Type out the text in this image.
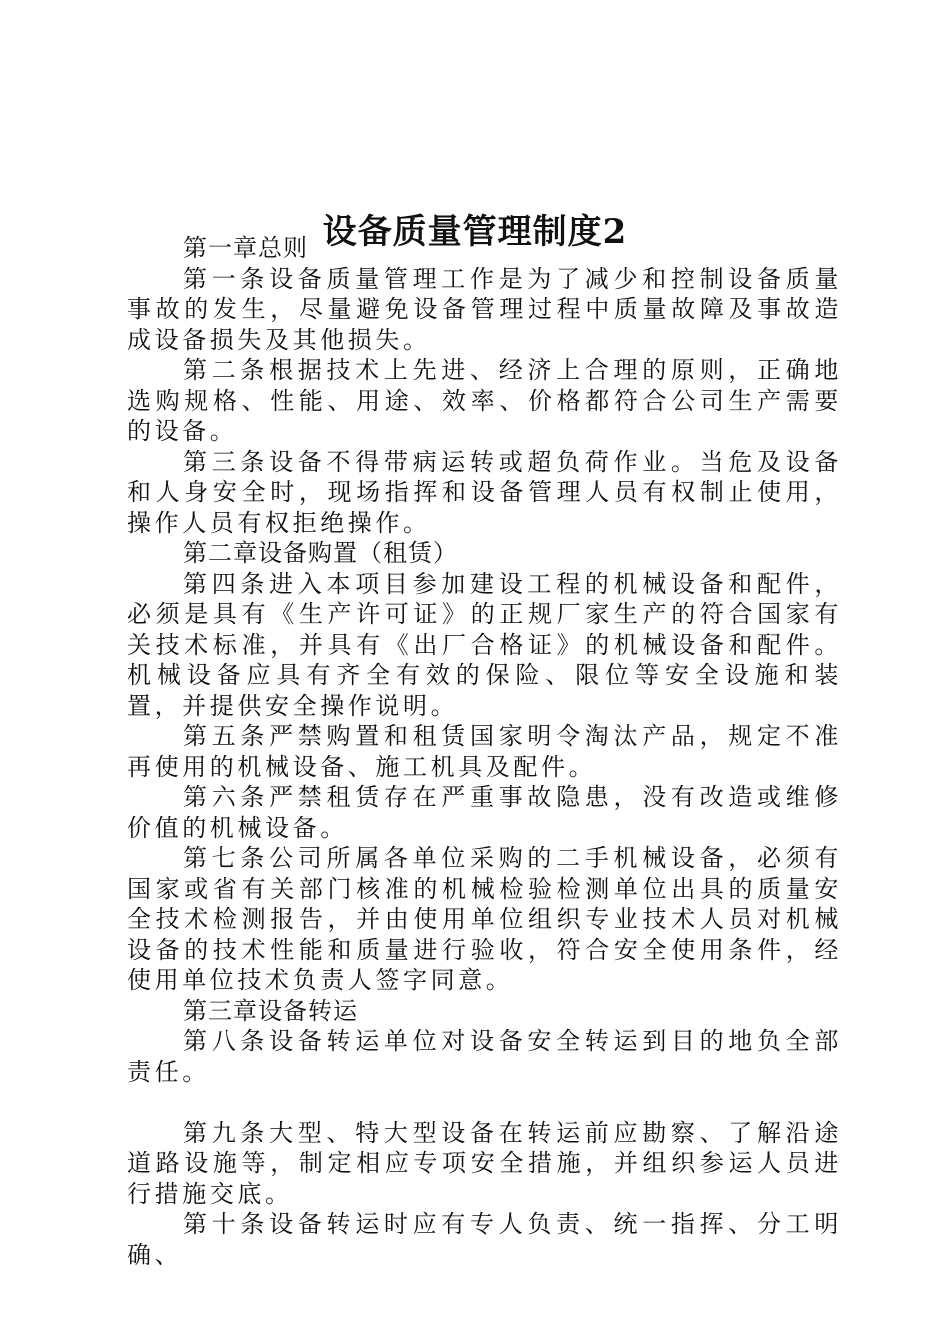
设备质量管理制度2

第一章总则

第一条设备质量管理工作是为了减少和控制设备质量事故的发生，尽量避免设备管理过程中质量故障及事故造成设备损失及其他损失。

第二条根据技术上先进、经济上合理的原则，正确地选购规格、性能、用途、效率、价格都符合公司生产需要的设备。

第三条设备不得带病运转或超负荷作业。当危及设备和人身安全时，现场指挥和设备管理人员有权制止使用，操作人员有权拒绝操作。

第二章设备购置（租赁）

第四条进入本项目参加建设工程的机械设备和配件，必须是具有《生产许可证》的正规厂家生产的符合国家有关技术标准，并具有《出厂合格证》的机械设备和配件。机械设备应具有齐全有效的保险、限位等安全设施和装置，并提供安全操作说明。

第五条严禁购置和租赁国家明令淘汰产品，规定不准再使用的机械设备、施工机具及配件。

第六条严禁租赁存在严重事故隐患，没有改造或维修价值的机械设备。

第七条公司所属各单位采购的二手机械设备，必须有国家或省有关部门核准的机械检验检测单位出具的质量安全技术检测报告，并由使用单位组织专业技术人员对机械设备的技术性能和质量进行验收，符合安全使用条件，经使用单位技术负责人签字同意。

第三章设备转运

第八条设备转运单位对设备安全转运到目的地负全部责任。

第九条大型、特大型设备在转运前应勘察、了解沿途道路设施等，制定相应专项安全措施，并组织参运人员进行措施交底。

第十条设备转运时应有专人负责、统一指挥、分工明确、
